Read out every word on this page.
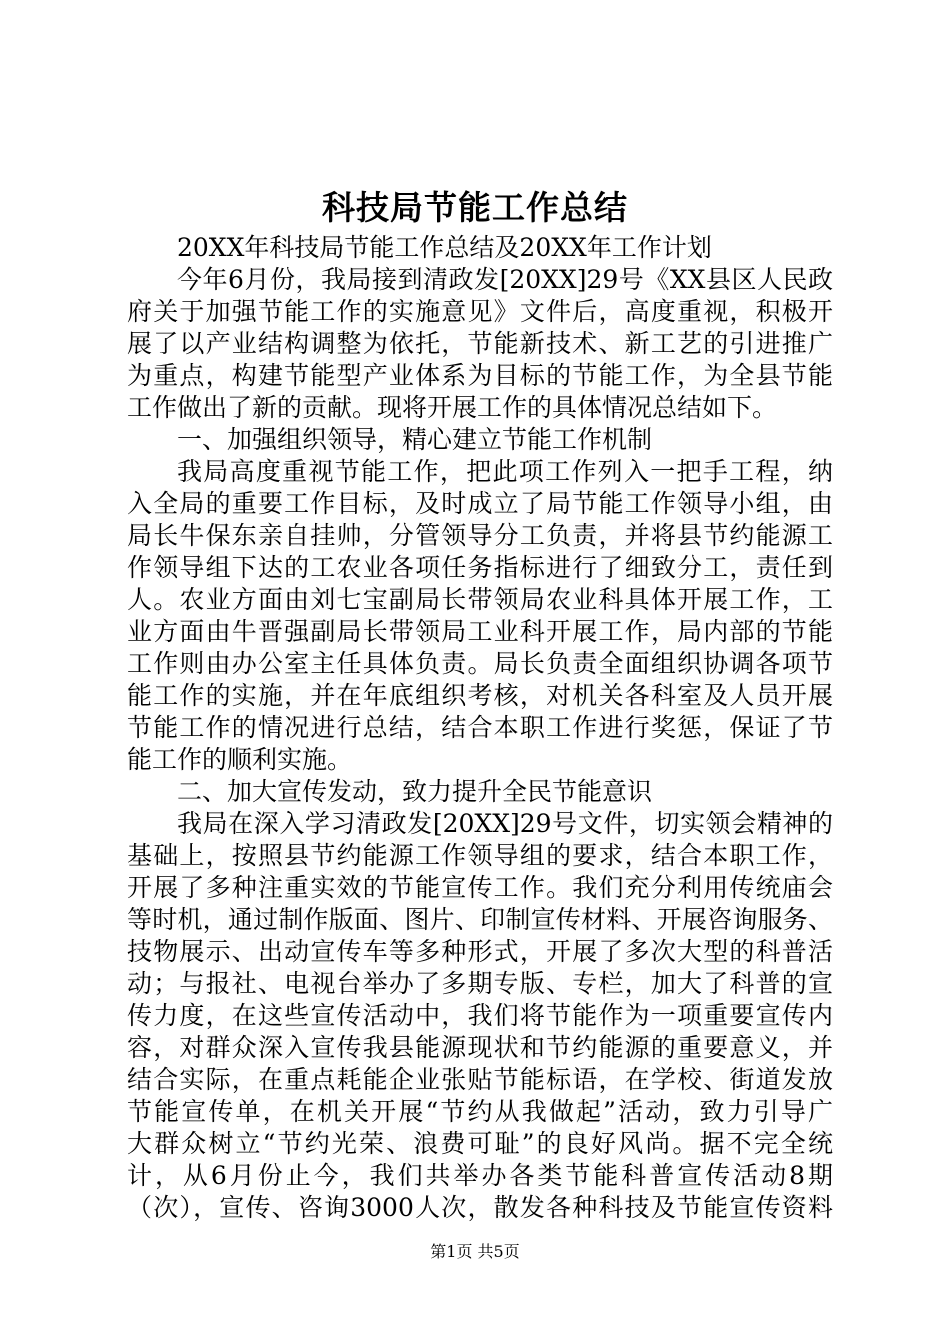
科技局节能工作总结
20XX年科技局节能工作总结及20XX年工作计划
今年6月份，我局接到清政发[20XX]29号《XX县区人民政
府关于加强节能工作的实施意见》文件后，高度重视，积极开
展了以产业结构调整为依托，节能新技术、新工艺的引进推广
为重点，构建节能型产业体系为目标的节能工作，为全县节能
工作做出了新的贡献。现将开展工作的具体情况总结如下。
一、加强组织领导，精心建立节能工作机制
我局高度重视节能工作，把此项工作列入一把手工程，纳
入全局的重要工作目标，及时成立了局节能工作领导小组，由
局长牛保东亲自挂帅，分管领导分工负责，并将县节约能源工
作领导组下达的工农业各项任务指标进行了细致分工，责任到
人。农业方面由刘七宝副局长带领局农业科具体开展工作，工
业方面由牛晋强副局长带领局工业科开展工作，局内部的节能
工作则由办公室主任具体负责。局长负责全面组织协调各项节
能工作的实施，并在年底组织考核，对机关各科室及人员开展
节能工作的情况进行总结，结合本职工作进行奖惩，保证了节
能工作的顺利实施。
二、加大宣传发动，致力提升全民节能意识
我局在深入学习清政发[20XX]29号文件，切实领会精神的
基础上，按照县节约能源工作领导组的要求，结合本职工作，
开展了多种注重实效的节能宣传工作。我们充分利用传统庙会
等时机，通过制作版面、图片、印制宣传材料、开展咨询服务、
技物展示、出动宣传车等多种形式，开展了多次大型的科普活
动；与报社、电视台举办了多期专版、专栏，加大了科普的宣
传力度，在这些宣传活动中，我们将节能作为一项重要宣传内
容，对群众深入宣传我县能源现状和节约能源的重要意义，并
结合实际，在重点耗能企业张贴节能标语，在学校、街道发放
节能宣传单，在机关开展“节约从我做起”活动，致力引导广
大群众树立“节约光荣、浪费可耻”的良好风尚。据不完全统
计，从6月份止今，我们共举办各类节能科普宣传活动8期
（次），宣传、咨询3000人次，散发各种科技及节能宣传资料
第1页 共5页
